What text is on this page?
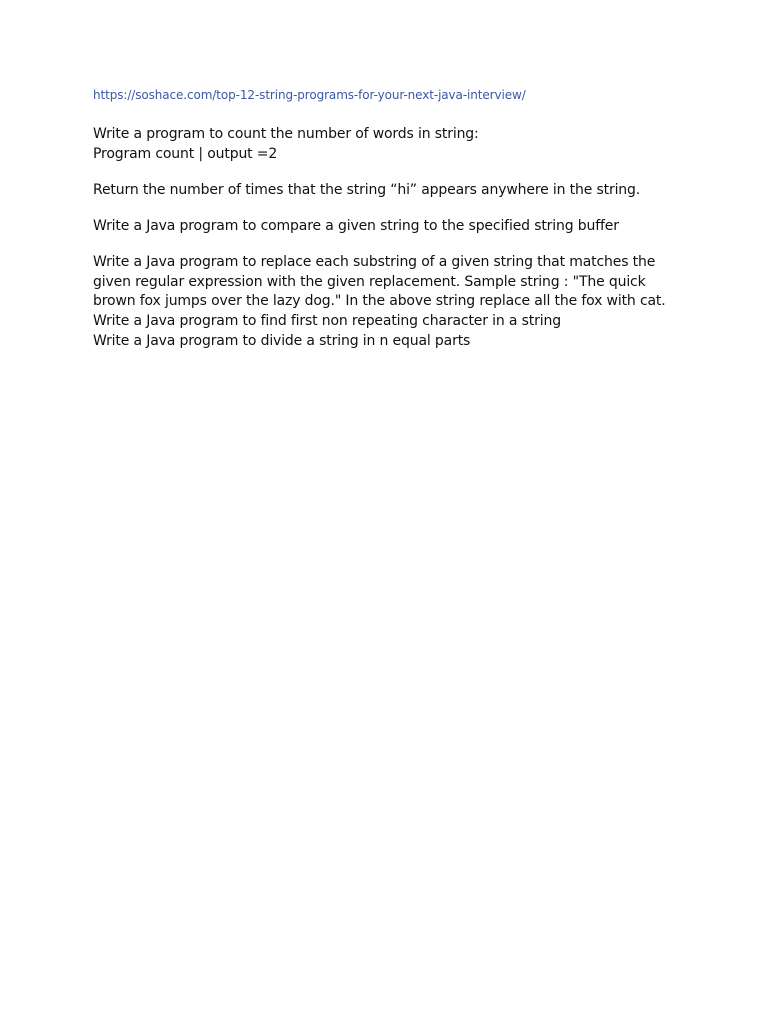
https://soshace.com/top-12-string-programs-for-your-next-java-interview/
Write a program to count the number of words in string:
Program count | output =2
Return the number of times that the string “hi” appears anywhere in the string.
Write a Java program to compare a given string to the specified string buffer
Write a Java program to replace each substring of a given string that matches the
given regular expression with the given replacement. Sample string : "The quick
brown fox jumps over the lazy dog." In the above string replace all the fox with cat.
Write a Java program to find first non repeating character in a string
Write a Java program to divide a string in n equal parts
